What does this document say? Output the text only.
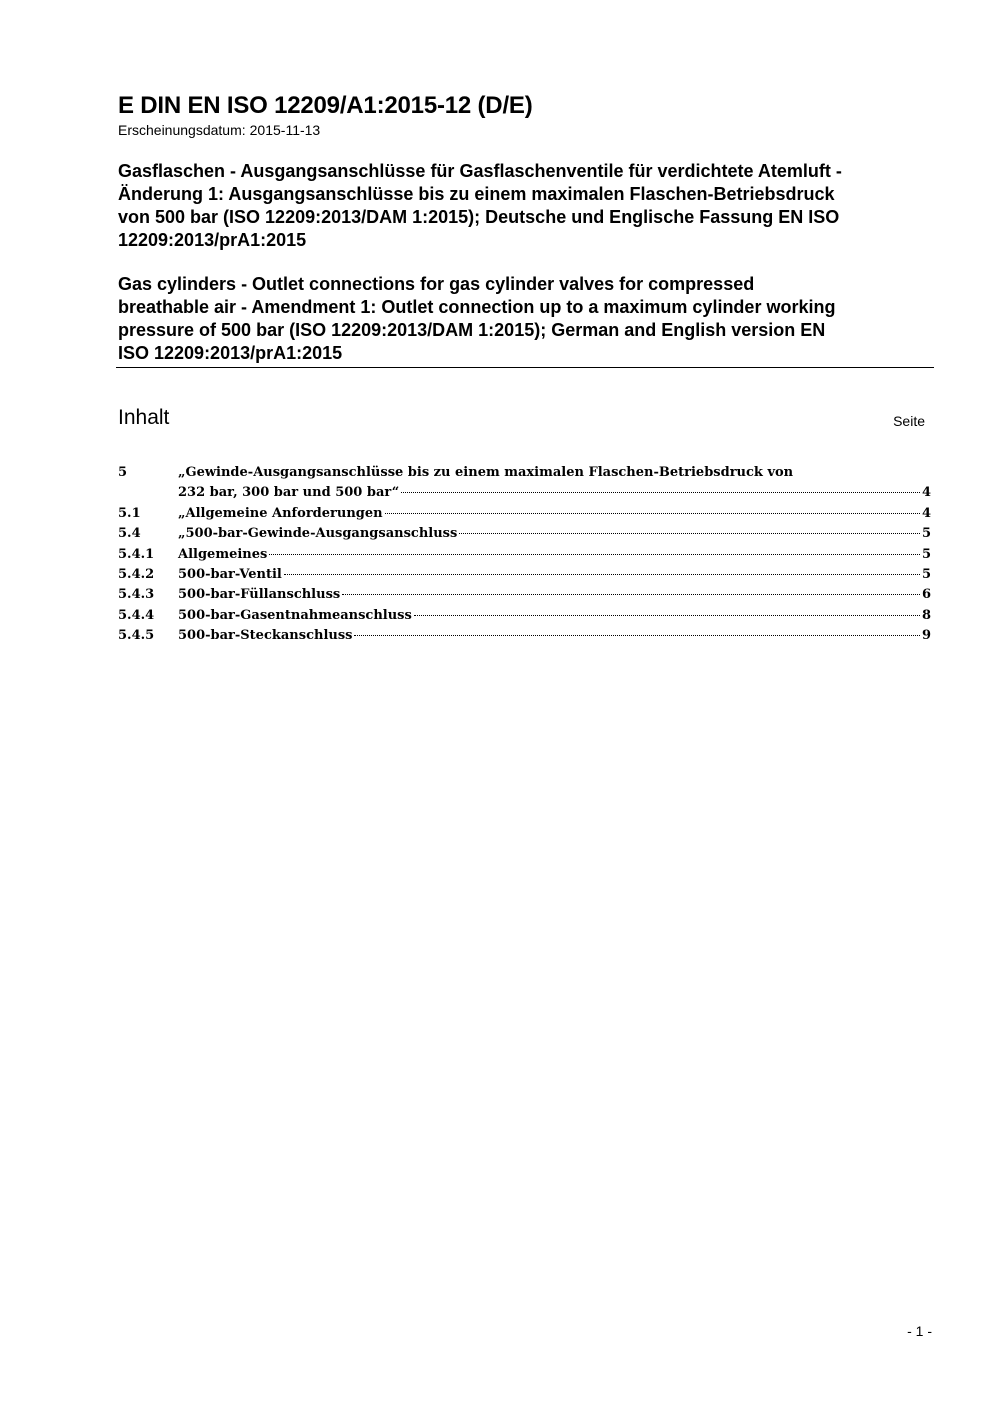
E DIN EN ISO 12209/A1:2015-12 (D/E)
Erscheinungsdatum: 2015-11-13
Gasflaschen - Ausgangsanschlüsse für Gasflaschenventile für verdichtete Atemluft -
Änderung 1: Ausgangsanschlüsse bis zu einem maximalen Flaschen-Betriebsdruck
von 500 bar (ISO 12209:2013/DAM 1:2015); Deutsche und Englische Fassung EN ISO
12209:2013/prA1:2015
Gas cylinders - Outlet connections for gas cylinder valves for compressed
breathable air - Amendment 1: Outlet connection up to a maximum cylinder working
pressure of 500 bar (ISO 12209:2013/DAM 1:2015); German and English version EN
ISO 12209:2013/prA1:2015
Inhalt	Seite
5	„Gewinde-Ausgangsanschlüsse bis zu einem maximalen Flaschen-Betriebsdruck von
232 bar, 300 bar und 500 bar“	4
5.1	„Allgemeine Anforderungen	4
5.4	„500-bar-Gewinde-Ausgangsanschluss	5
5.4.1	Allgemeines	5
5.4.2	500-bar-Ventil	5
5.4.3	500-bar-Füllanschluss	6
5.4.4	500-bar-Gasentnahmeanschluss	8
5.4.5	500-bar-Steckanschluss	9
- 1 -
